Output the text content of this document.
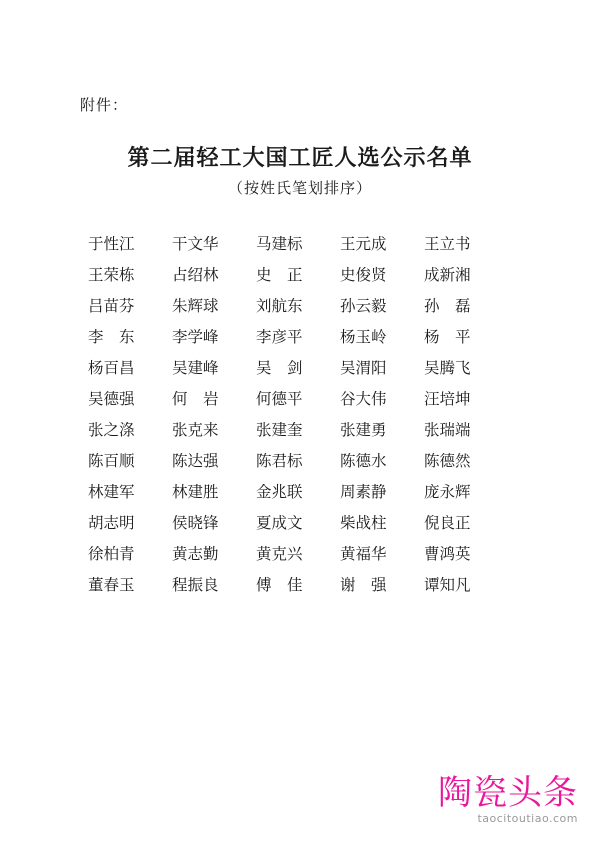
附件：
第二届轻工大国工匠人选公示名单
（按姓氏笔划排序）
于性江	干文华	马建标	王元成	王立书
王荣栋	占绍林	史　正	史俊贤	成新湘
吕苗芬	朱辉球	刘航东	孙云毅	孙　磊
李　东	李学峰	李彦平	杨玉岭	杨　平
杨百昌	吴建峰	吴　剑	吴渭阳	吴腾飞
吴德强	何　岩	何德平	谷大伟	汪培坤
张之涤	张克来	张建奎	张建勇	张瑞端
陈百顺	陈达强	陈君标	陈德水	陈德然
林建军	林建胜	金兆联	周素静	庞永辉
胡志明	侯晓锋	夏成文	柴战柱	倪良正
徐柏青	黄志勤	黄克兴	黄福华	曹鸿英
董春玉	程振良	傅　佳	谢　强	谭知凡
陶瓷头条
taocitoutiao.com
